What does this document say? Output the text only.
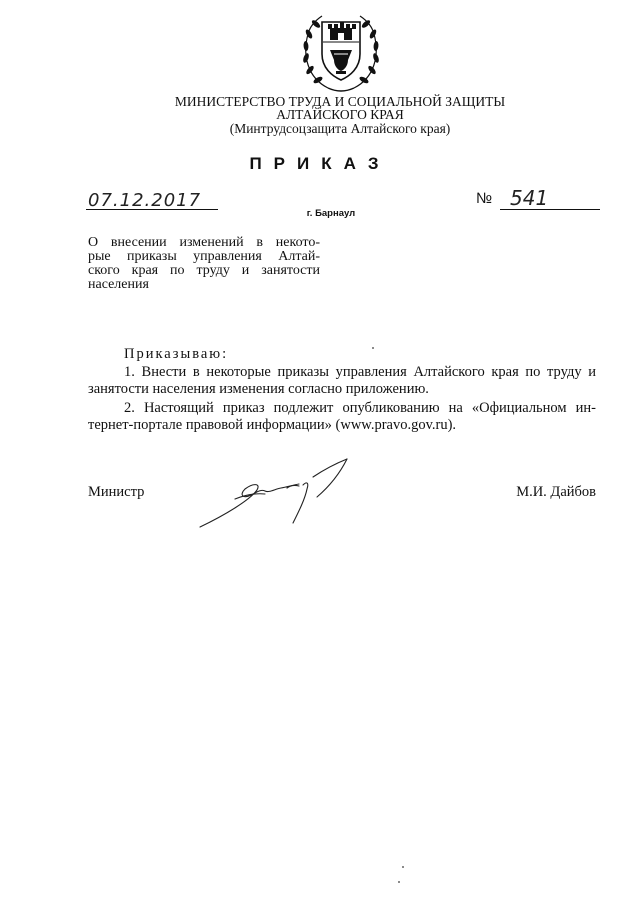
МИНИСТЕРСТВО ТРУДА И СОЦИАЛЬНОЙ ЗАЩИТЫ
АЛТАЙСКОГО КРАЯ
(Минтрудсоцзащита Алтайского края)
ПРИКАЗ
07.12.2017	№ 541
г. Барнаул
О внесении изменений в некото-
рые приказы управления Алтай-
ского края по труду и занятости
населения
Приказываю:
1. Внести в некоторые приказы управления Алтайского края по труду и
занятости населения изменения согласно приложению.
2. Настоящий приказ подлежит опубликованию на «Официальном ин-
тернет-портале правовой информации» (www.pravo.gov.ru).
Министр	М.И. Дайбов
